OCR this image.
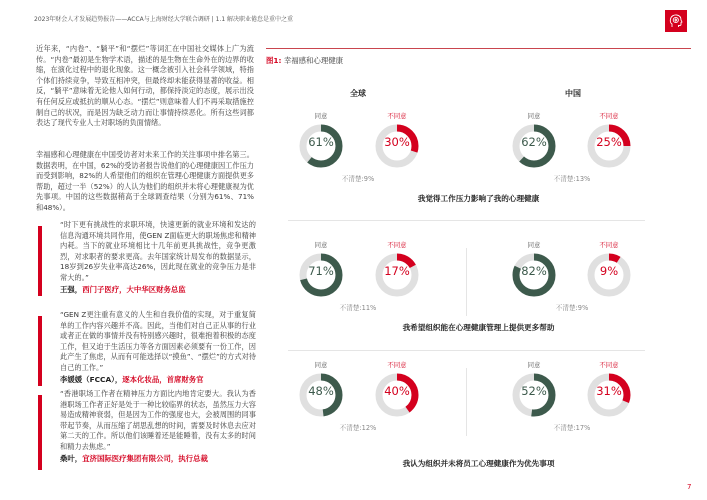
2023年财会人才发展趋势报告——ACCA与上海财经大学联合调研 | 1.1 解决职业倦怠是重中之重
近年来，“内卷”、“躺平”和“摆烂”等词汇在中国社交媒体上广为流传。“内卷”最初是生物学术语，描述的是生物在生命外在的边界的收缩，在演化过程中的退化现象。这一概念被引入社会科学领域，特指个体们持续竞争，导致互相冲突，但最终却未能获得显著的收益。相反，“躺平”意味着无论他人如何行动，都保持淡定的态度，展示出没有任何反应或抵抗的顺从心态。“摆烂”则意味着人们不再采取措施控制自己的状况，而是因为缺乏动力而让事情持续恶化。所有这些词都表达了现代专业人士对职场的负面情绪。
幸福感和心理健康在中国受访者对未来工作的关注事项中排名第三。数据表明，在中国，62%的受访者报告说他们的心理健康因工作压力而受到影响，82%的人希望他们的组织在管理心理健康方面提供更多帮助，超过一半（52%）的人认为他们的组织并未将心理健康视为优先事项。中国的这些数据稍高于全球调查结果（分别为61%、71%和48%）。
“时下更有挑战性的求职环境，快速更新的就业环境和发达的信息沟通环境共同作用，使GEN Z面临更大的职场焦虑和精神内耗。当下的就业环境相比十几年前更具挑战性，竞争更激烈，对求职者的要求更高。去年国家统计局发布的数据显示，18岁到26岁失业率高达26%，因此现在就业的竞争压力是非常大的。”
王强，西门子医疗，大中华区财务总监
“GEN Z更注重有意义的人生和自我价值的实现，对于重复简单的工作内容兴趣并不高。因此，当他们对自己正从事的行业或者正在做的事情并没有特别感兴趣时，很难抱着积极的态度工作，但又迫于生活压力等各方面因素必须要有一份工作，因此产生了焦虑，从而有可能选择以“摸鱼”、“摆烂”的方式对待自己的工作。”
李媛媛（FCCA），逐本化妆品，首席财务官
“香港职场工作者在精神压力方面比内地肯定要大。我认为香港职场工作者正好是处于一种比较临界的状态，虽然压力大容易造成精神衰弱，但是因为工作的强度也大，会被周围的同事带起节奏，从而压缩了胡思乱想的时间，需要及时休息去应对第二天的工作。所以他们该睡着还是能睡着，没有太多的时间和精力去焦虑。”
桑叶，宜济国际医疗集团有限公司，执行总裁
图1: 幸福感和心理健康
全球	中国
同意
61%
不同意
30%
不清楚:9%
同意
62%
不同意
25%
不清楚:13%
我觉得工作压力影响了我的心理健康
同意
71%
不同意
17%
不清楚:11%
同意
82%
不同意
9%
不清楚:9%
我希望组织能在心理健康管理上提供更多帮助
同意
48%
不同意
40%
不清楚:12%
同意
52%
不同意
31%
不清楚:17%
我认为组织并未将员工心理健康作为优先事项
7
